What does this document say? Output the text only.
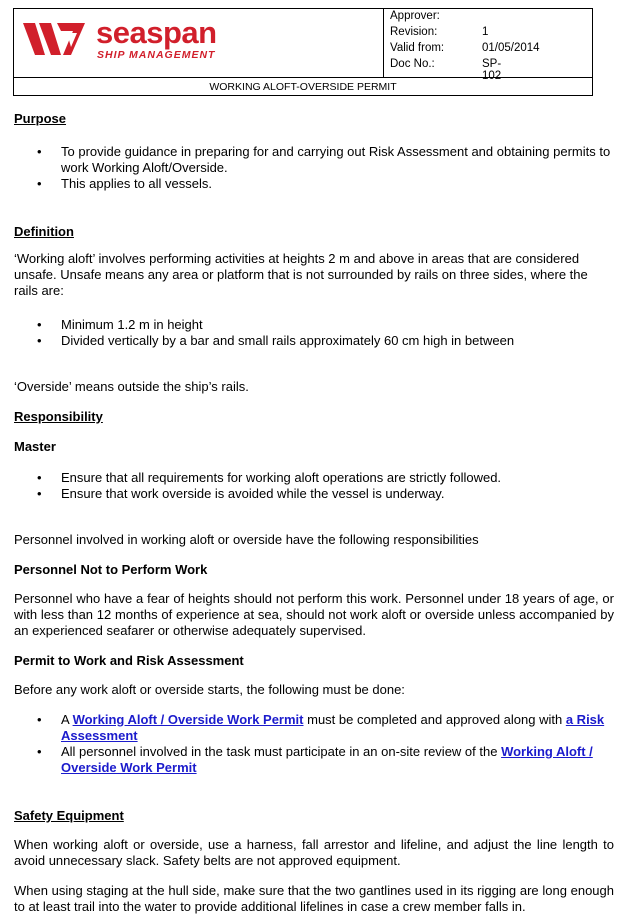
seaspan
SHIP MANAGEMENT
Approver:
Revision:	1
Valid from:	01/05/2014
Doc No.:	SP-102
WORKING ALOFT-OVERSIDE PERMIT
Purpose
• To provide guidance in preparing for and carrying out Risk Assessment and obtaining permits to work Working Aloft/Overside.
• This applies to all vessels.
Definition

‘Working aloft’ involves performing activities at heights 2 m and above in areas that are considered unsafe. Unsafe means any area or platform that is not surrounded by rails on three sides, where the rails are:

• Minimum 1.2 m in height
• Divided vertically by a bar and small rails approximately 60 cm high in between

‘Overside’ means outside the ship’s rails.

Responsibility
Master
• Ensure that all requirements for working aloft operations are strictly followed.
• Ensure that work overside is avoided while the vessel is underway.

Personnel involved in working aloft or overside have the following responsibilities

Personnel Not to Perform Work

Personnel who have a fear of heights should not perform this work. Personnel under 18 years of age, or with less than 12 months of experience at sea, should not work aloft or overside unless accompanied by an experienced seafarer or otherwise adequately supervised.

Permit to Work and Risk Assessment

Before any work aloft or overside starts, the following must be done:

• A Working Aloft / Overside Work Permit must be completed and approved along with a Risk Assessment
• All personnel involved in the task must participate in an on-site review of the Working Aloft / Overside Work Permit
Safety Equipment

When working aloft or overside, use a harness, fall arrestor and lifeline, and adjust the line length to avoid unnecessary slack. Safety belts are not approved equipment.

When using staging at the hull side, make sure that the two gantlines used in its rigging are long enough to at least trail into the water to provide additional lifelines in case a crew member falls in.
